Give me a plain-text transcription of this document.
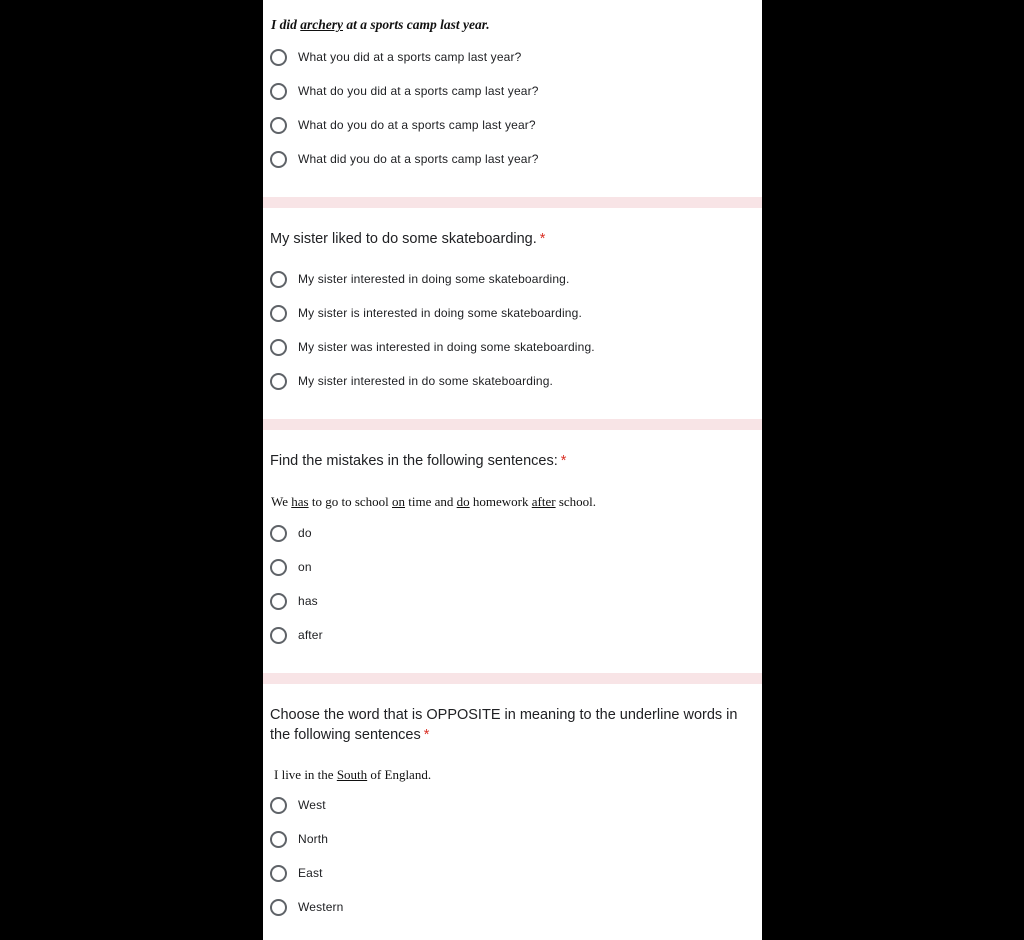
I did archery at a sports camp last year.
What you did at a sports camp last year?
What do you did at a sports camp last year?
What do you do at a sports camp last year?
What did you do at a sports camp last year?
My sister liked to do some skateboarding. *
My sister interested in doing some skateboarding.
My sister is interested in doing some skateboarding.
My sister was interested in doing some skateboarding.
My sister interested in do some skateboarding.
Find the mistakes in the following sentences: *
We has to go to school on time and do homework after school.
do
on
has
after
Choose the word that is OPPOSITE in meaning to the underline words in the following sentences *
I live in the South of England.
West
North
East
Western
